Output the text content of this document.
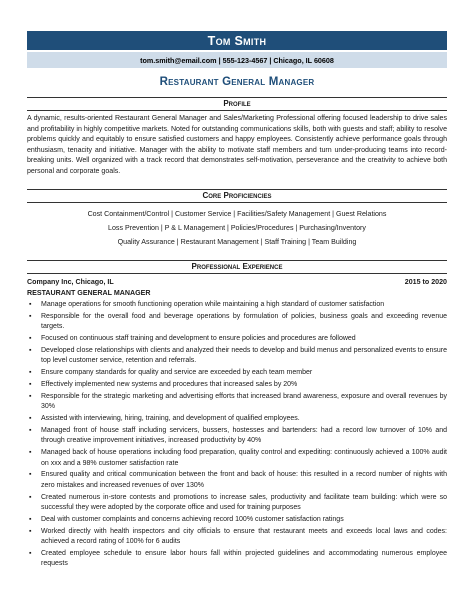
Tom Smith
tom.smith@email.com | 555-123-4567 | Chicago, IL 60608
Restaurant General Manager
Profile
A dynamic, results-oriented Restaurant General Manager and Sales/Marketing Professional offering focused leadership to drive sales and profitability in highly competitive markets. Noted for outstanding communications skills, both with guests and staff; ability to resolve problems quickly and equitably to ensure satisfied customers and happy employees. Consistently achieve performance goals through enthusiasm, tenacity and initiative. Manager with the ability to motivate staff members and turn under-producing teams into record-breaking units. Well organized with a track record that demonstrates self-motivation, perseverance and the creativity to achieve both personal and corporate goals.
Core Proficiencies
Cost Containment/Control | Customer Service | Facilities/Safety Management | Guest Relations
Loss Prevention | P & L Management | Policies/Procedures | Purchasing/Inventory
Quality Assurance | Restaurant Management | Staff Training | Team Building
Professional Experience
Company Inc, Chicago, IL	2015 to 2020
RESTAURANT GENERAL MANAGER
▪ Manage operations for smooth functioning operation while maintaining a high standard of customer satisfaction
▪ Responsible for the overall food and beverage operations by formulation of policies, business goals and exceeding revenue targets.
▪ Focused on continuous staff training and development to ensure policies and procedures are followed
▪ Developed close relationships with clients and analyzed their needs to develop and build menus and personalized events to ensure top level customer service, retention and referrals.
▪ Ensure company standards for quality and service are exceeded by each team member
▪ Effectively implemented new systems and procedures that increased sales by 20%
▪ Responsible for the strategic marketing and advertising efforts that increased brand awareness, exposure and overall revenues by 30%
▪ Assisted with interviewing, hiring, training, and development of qualified employees.
▪ Managed front of house staff including servicers, bussers, hostesses and bartenders: had a record low turnover of 10% and through creative improvement initiatives, increased productivity by 40%
▪ Managed back of house operations including food preparation, quality control and expediting: continuously achieved a 100% audit on xxx and a 98% customer satisfaction rate
▪ Ensured quality and critical communication between the front and back of house: this resulted in a record number of nights with zero mistakes and increased revenues of over 130%
▪ Created numerous in-store contests and promotions to increase sales, productivity and facilitate team building: which were so successful they were adopted by the corporate office and used for training purposes
▪ Deal with customer complaints and concerns achieving record 100% customer satisfaction ratings
▪ Worked directly with health inspectors and city officials to ensure that restaurant meets and exceeds local laws and codes: achieved a record rating of 100% for 6 audits
▪ Created employee schedule to ensure labor hours fall within projected guidelines and accommodating numerous employee requests
